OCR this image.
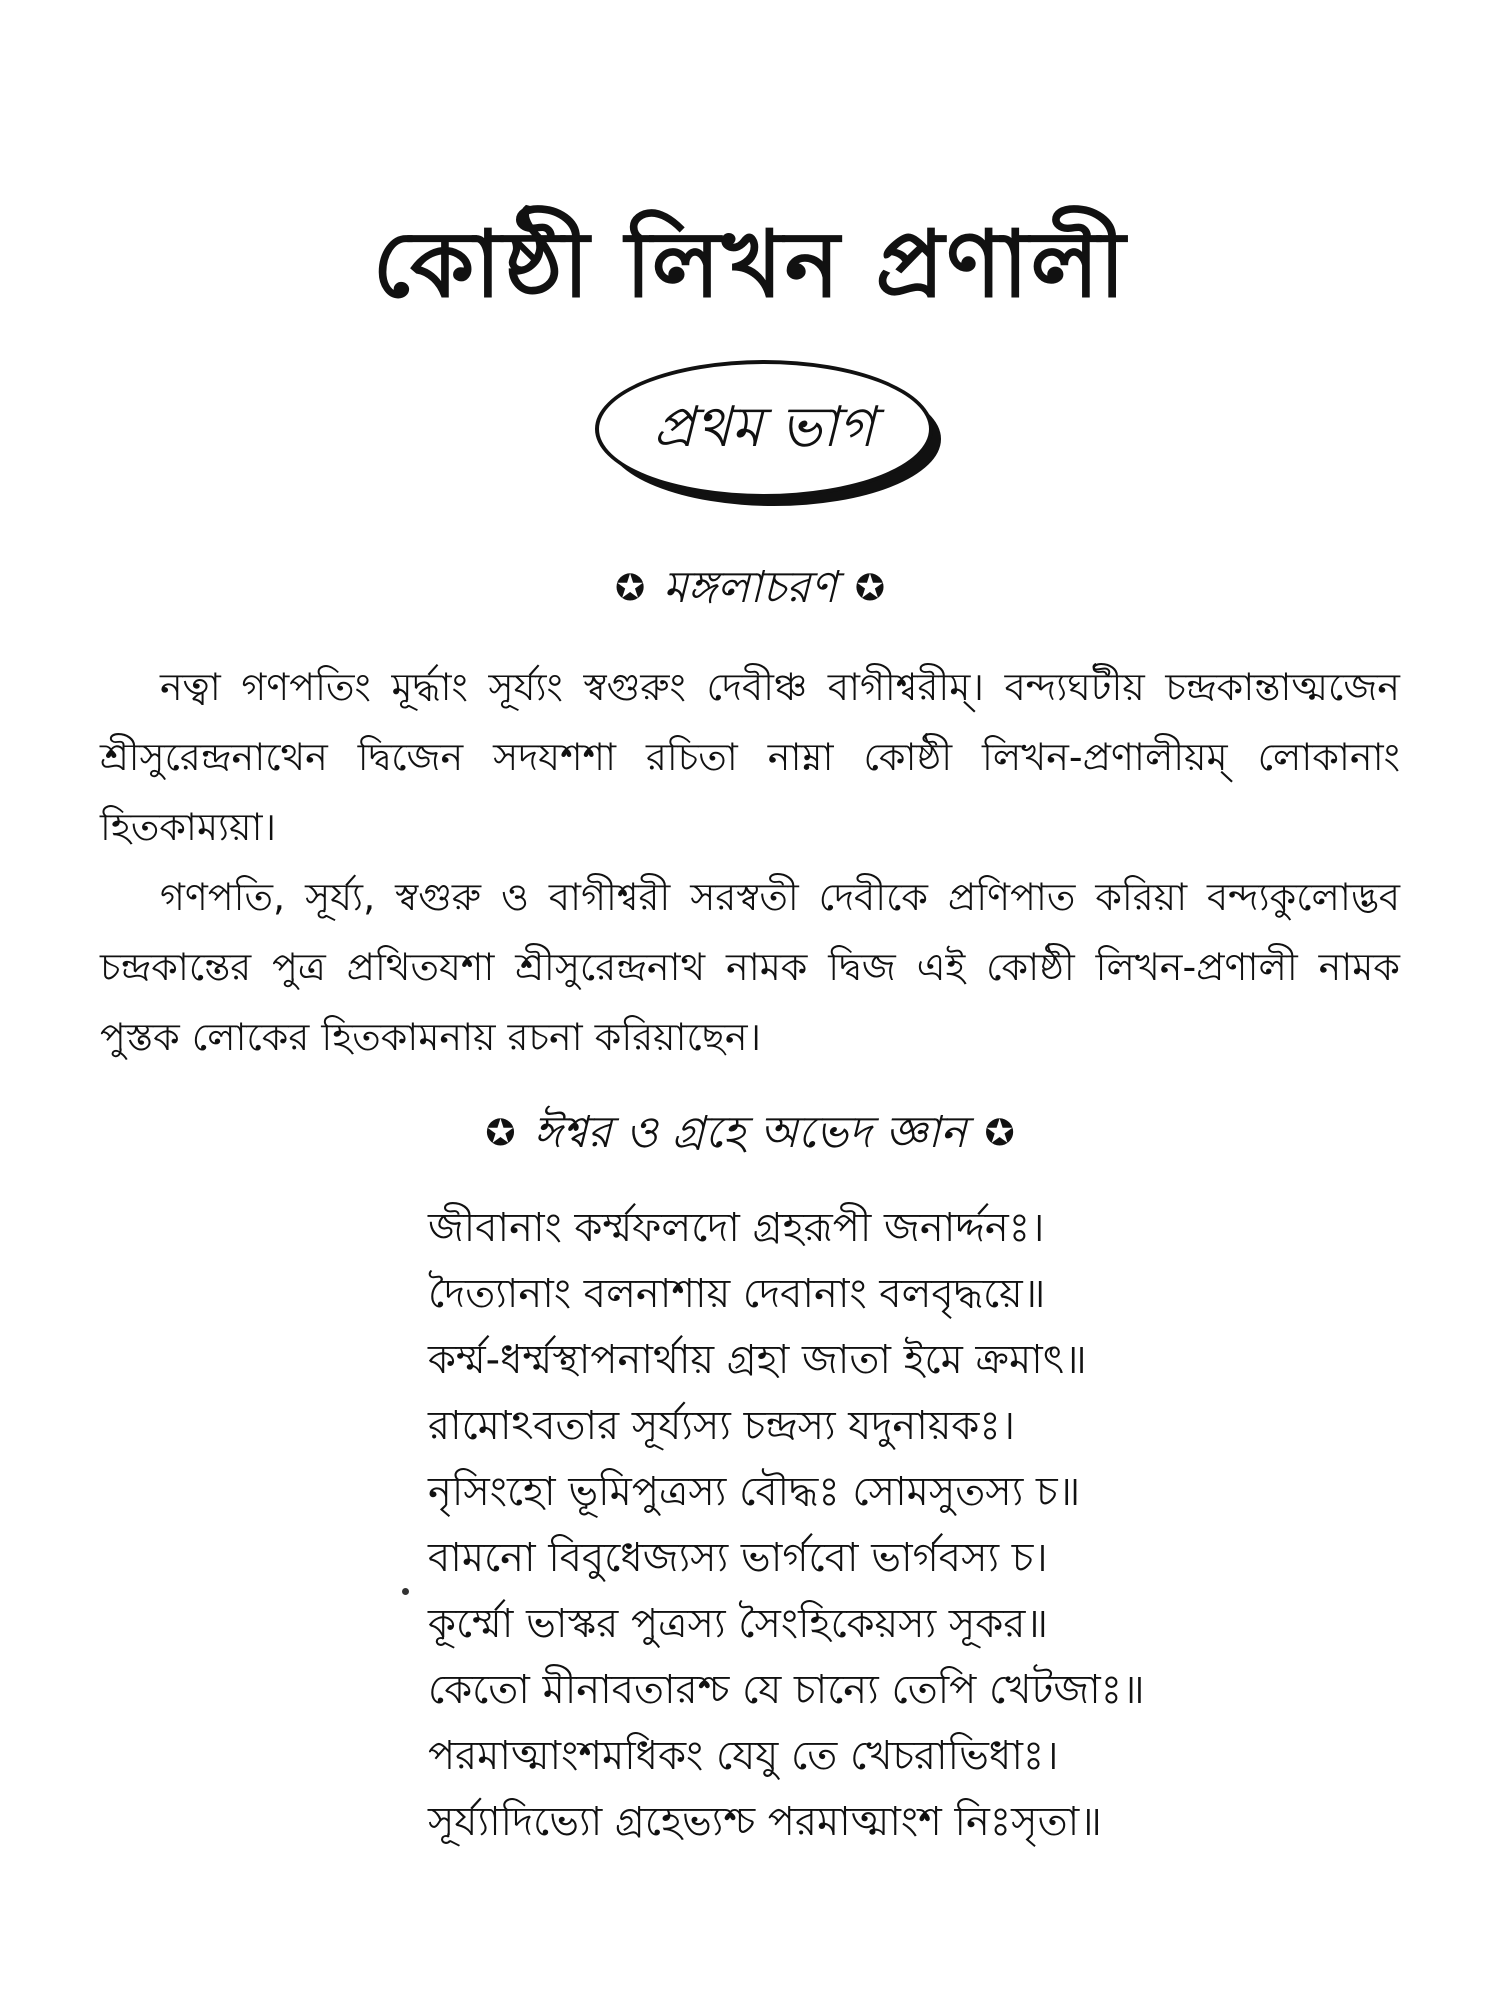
কোষ্ঠী লিখন প্রণালী
প্রথম ভাগ
✪ মঙ্গলাচরণ ✪

নত্বা গণপতিং মূর্দ্ধাং সূর্য্যং স্বগুরুং দেবীঞ্চ বাগীশ্বরীম্। বন্দ্যঘটীয় চন্দ্রকান্তাত্মজেন শ্রীসুরেন্দ্রনাথেন দ্বিজেন সদযশশা রচিতা নাম্না কোষ্ঠী লিখন-প্রণালীয়ম্ লোকানাং হিতকাম্যয়া।

গণপতি, সূর্য্য, স্বগুরু ও বাগীশ্বরী সরস্বতী দেবীকে প্রণিপাত করিয়া বন্দ্যকুলোদ্ভব চন্দ্রকান্তের পুত্র প্রথিতযশা শ্রীসুরেন্দ্রনাথ নামক দ্বিজ এই কোষ্ঠী লিখন-প্রণালী নামক পুস্তক লোকের হিতকামনায় রচনা করিয়াছেন।

✪ ঈশ্বর ও গ্রহে অভেদ জ্ঞান ✪
জীবানাং কর্ম্মফলদো গ্রহরূপী জনার্দ্দনঃ।
দৈত্যানাং বলনাশায় দেবানাং বলবৃদ্ধয়ে॥
কর্ম্ম-ধর্ম্মস্থাপনার্থায় গ্রহা জাতা ইমে ক্রমাৎ॥
রামোঽবতার সূর্য্যস্য চন্দ্রস্য যদুনায়কঃ।
নৃসিংহো ভূমিপুত্রস্য বৌদ্ধঃ সোমসুতস্য চ॥
বামনো বিবুধেজ্যস্য ভার্গবো ভার্গবস্য চ।
কূর্ম্মো ভাস্কর পুত্রস্য সৈংহিকেয়স্য সূকর॥
কেতো মীনাবতারশ্চ যে চান্যে তেপি খেটজাঃ॥
পরমাত্মাংশমধিকং যেযু তে খেচরাভিধাঃ।
সূর্য্যাদিভ্যো গ্রহেভ্যশ্চ পরমাত্মাংশ নিঃসৃতা॥
